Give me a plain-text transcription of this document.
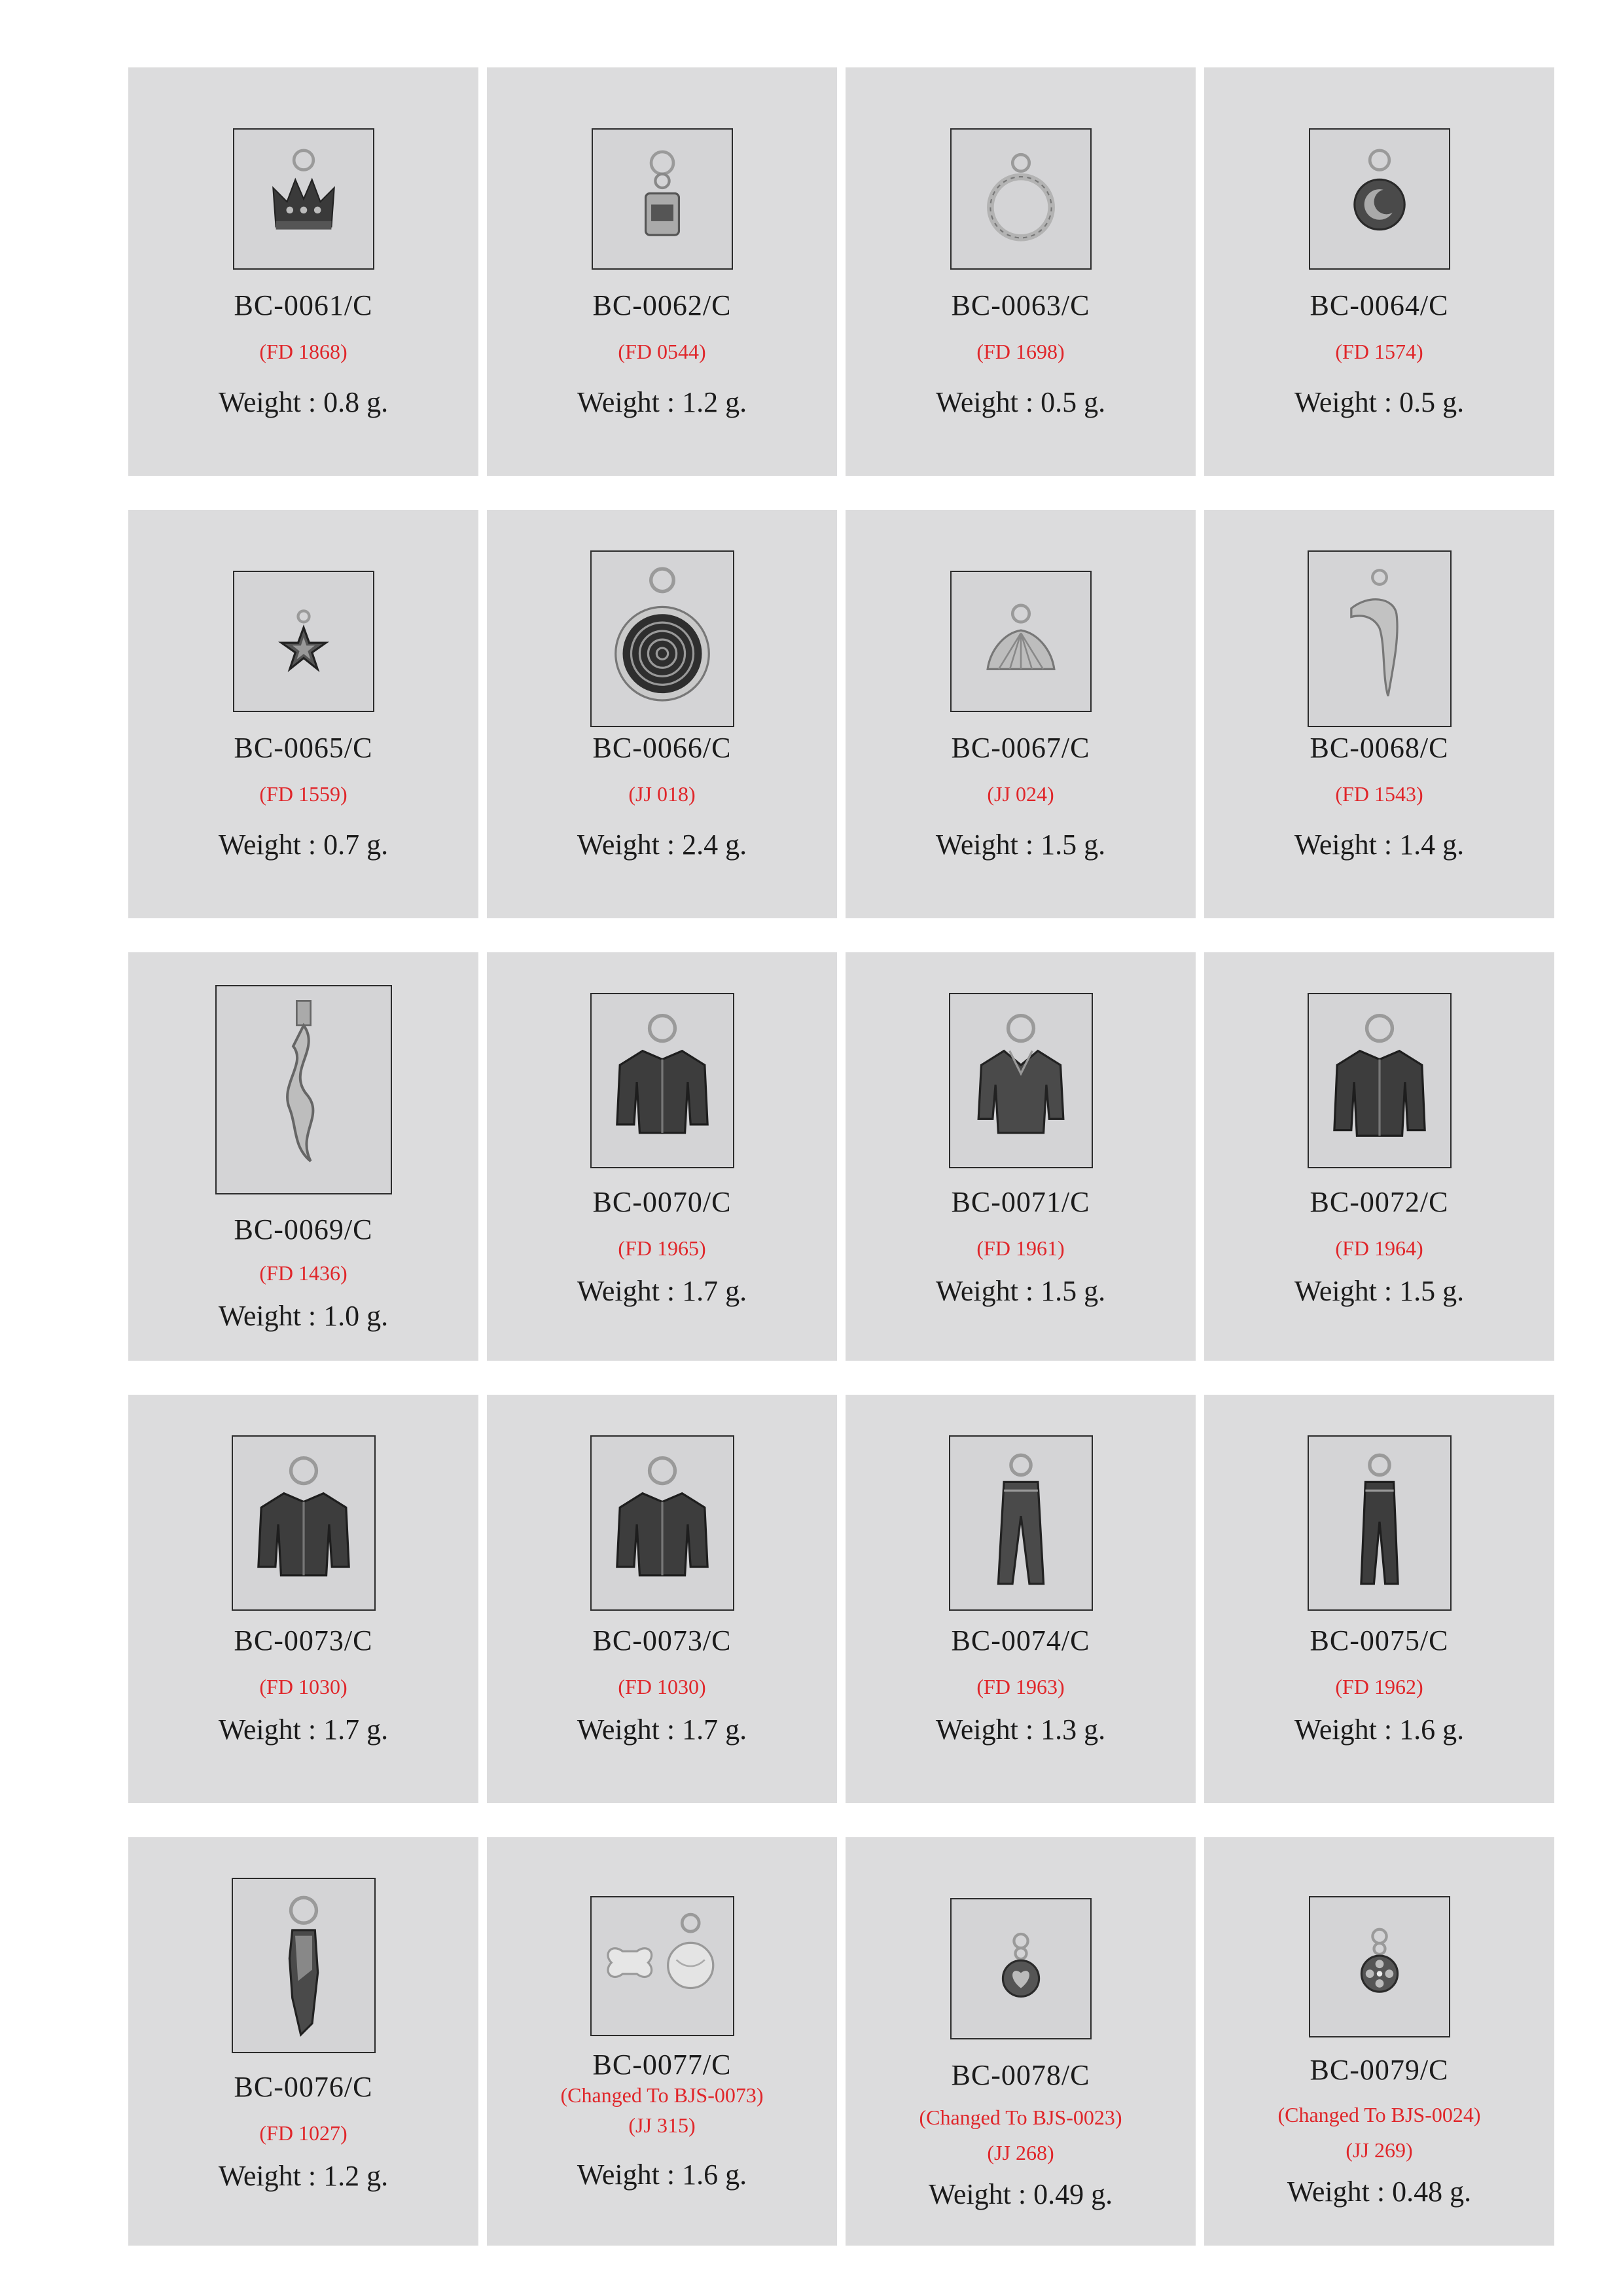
BC-0061/C
(FD 1868)
Weight : 0.8 g.
BC-0062/C
(FD 0544)
Weight : 1.2 g.
BC-0063/C
(FD 1698)
Weight : 0.5 g.
BC-0064/C
(FD 1574)
Weight : 0.5 g.
BC-0065/C
(FD 1559)
Weight : 0.7 g.
BC-0066/C
(JJ 018)
Weight : 2.4 g.
BC-0067/C
(JJ 024)
Weight : 1.5 g.
BC-0068/C
(FD 1543)
Weight : 1.4 g.
BC-0069/C
(FD 1436)
Weight : 1.0 g.
BC-0070/C
(FD 1965)
Weight : 1.7 g.
BC-0071/C
(FD 1961)
Weight : 1.5 g.
BC-0072/C
(FD 1964)
Weight : 1.5 g.
BC-0073/C
(FD 1030)
Weight : 1.7 g.
BC-0073/C
(FD 1030)
Weight : 1.7 g.
BC-0074/C
(FD 1963)
Weight : 1.3 g.
BC-0075/C
(FD 1962)
Weight : 1.6 g.
BC-0076/C
(FD 1027)
Weight : 1.2 g.
BC-0077/C
(Changed To BJS-0073)
(JJ 315)
Weight : 1.6 g.
BC-0078/C
(Changed To BJS-0023)
(JJ 268)
Weight : 0.49 g.
BC-0079/C
(Changed To BJS-0024)
(JJ 269)
Weight : 0.48 g.
